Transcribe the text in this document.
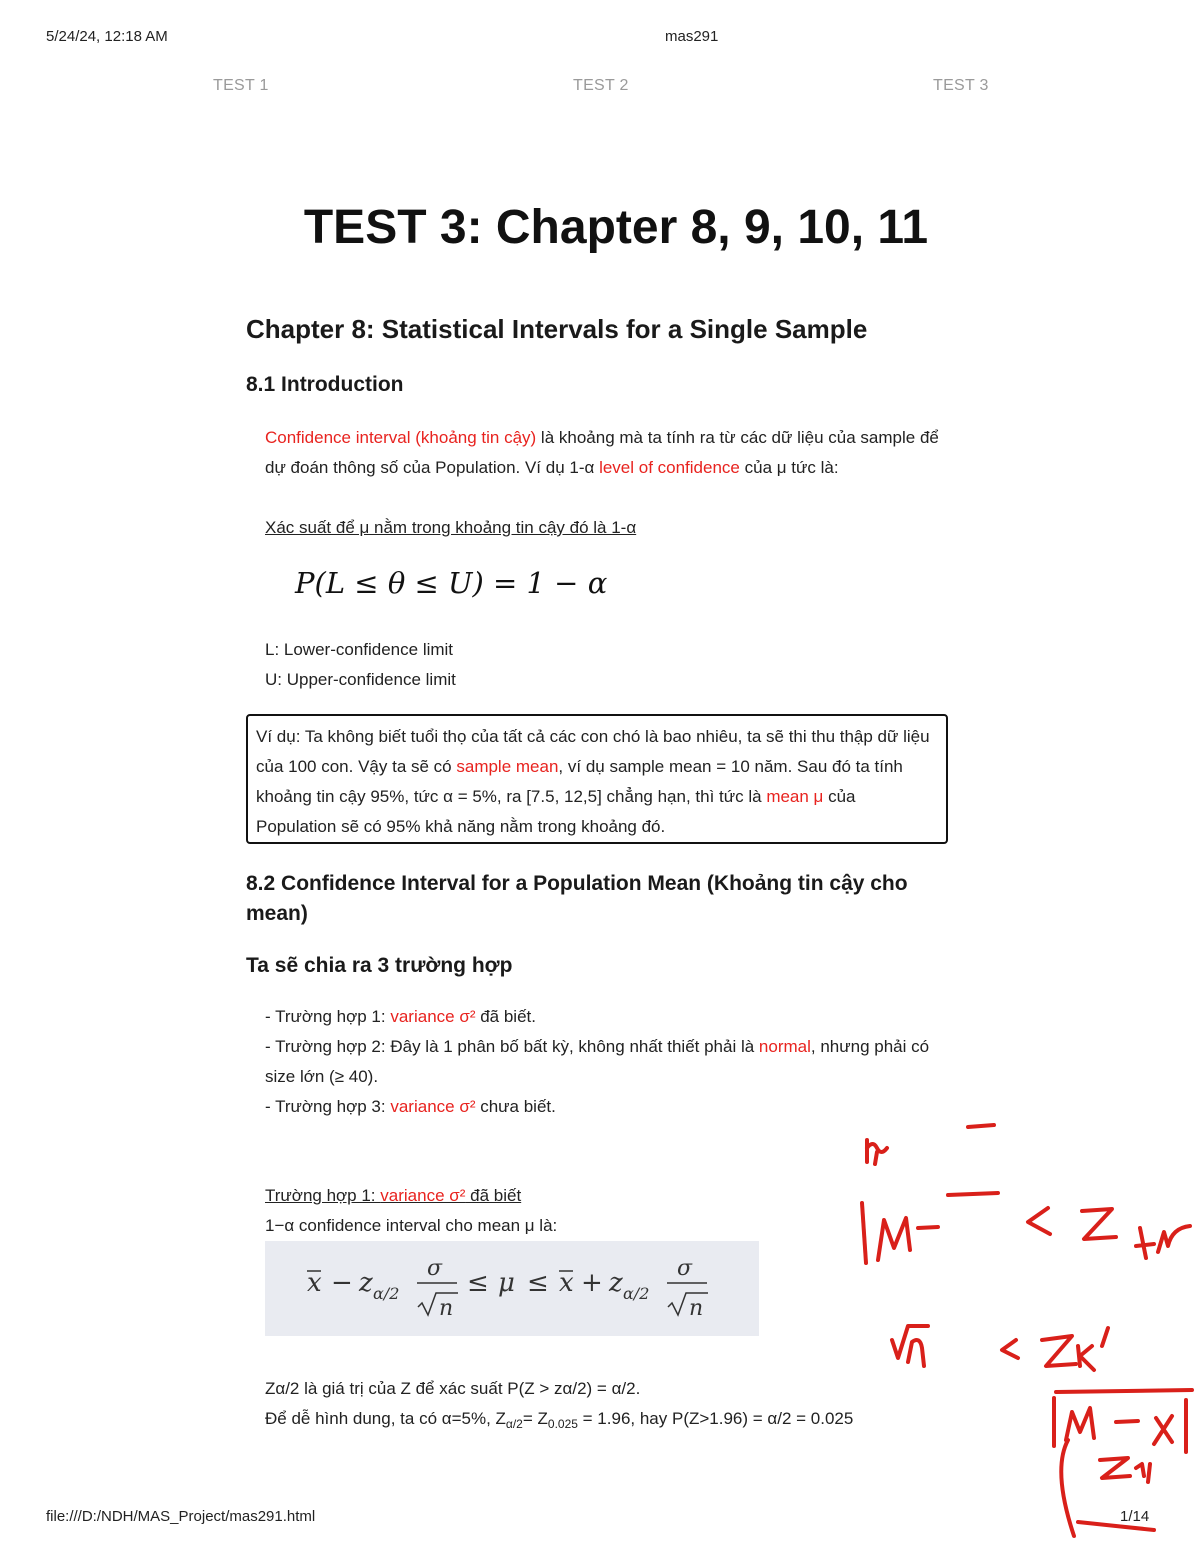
5/24/24, 12:18 AM	mas291
TEST 1	TEST 2	TEST 3
TEST 3: Chapter 8, 9, 10, 11
Chapter 8: Statistical Intervals for a Single Sample
8.1 Introduction

Confidence interval (khoảng tin cậy) là khoảng mà ta tính ra từ các dữ liệu của sample để dự đoán thông số của Population. Ví dụ 1-α level of confidence của μ tức là:

Xác suất để μ nằm trong khoảng tin cậy đó là 1-α

P(L ≤ θ ≤ U) = 1 − α

L: Lower-confidence limit

U: Upper-confidence limit

Ví dụ: Ta không biết tuổi thọ của tất cả các con chó là bao nhiêu, ta sẽ thi thu thập dữ liệu của 100 con. Vậy ta sẽ có sample mean, ví dụ sample mean = 10 năm. Sau đó ta tính khoảng tin cậy 95%, tức α = 5%, ra [7.5, 12,5] chẳng hạn, thì tức là mean μ của Population sẽ có 95% khả năng nằm trong khoảng đó.
8.2 Confidence Interval for a Population Mean (Khoảng tin cậy cho mean)
Ta sẽ chia ra 3 trường hợp

- Trường hợp 1: variance σ² đã biết.

- Trường hợp 2: Đây là 1 phân bố bất kỳ, không nhất thiết phải là normal, nhưng phải có size lớn (≥ 40).

- Trường hợp 3: variance σ² chưa biết.

Trường hợp 1: variance σ² đã biết

1−α confidence interval cho mean μ là:

x − z α/2
σ
n
≤ μ ≤ x + z α/2
σ
n

Zα/2 là giá trị của Z để xác suất P(Z > zα/2) = α/2.

Để dễ hình dung, ta có α=5%, $Z_{\alpha/2}= Z_{0.025} = 1.96$, hay P(Z>1.96) = α/2 = 0.025

file:///D:/NDH/MAS_Project/mas291.html	1/14
